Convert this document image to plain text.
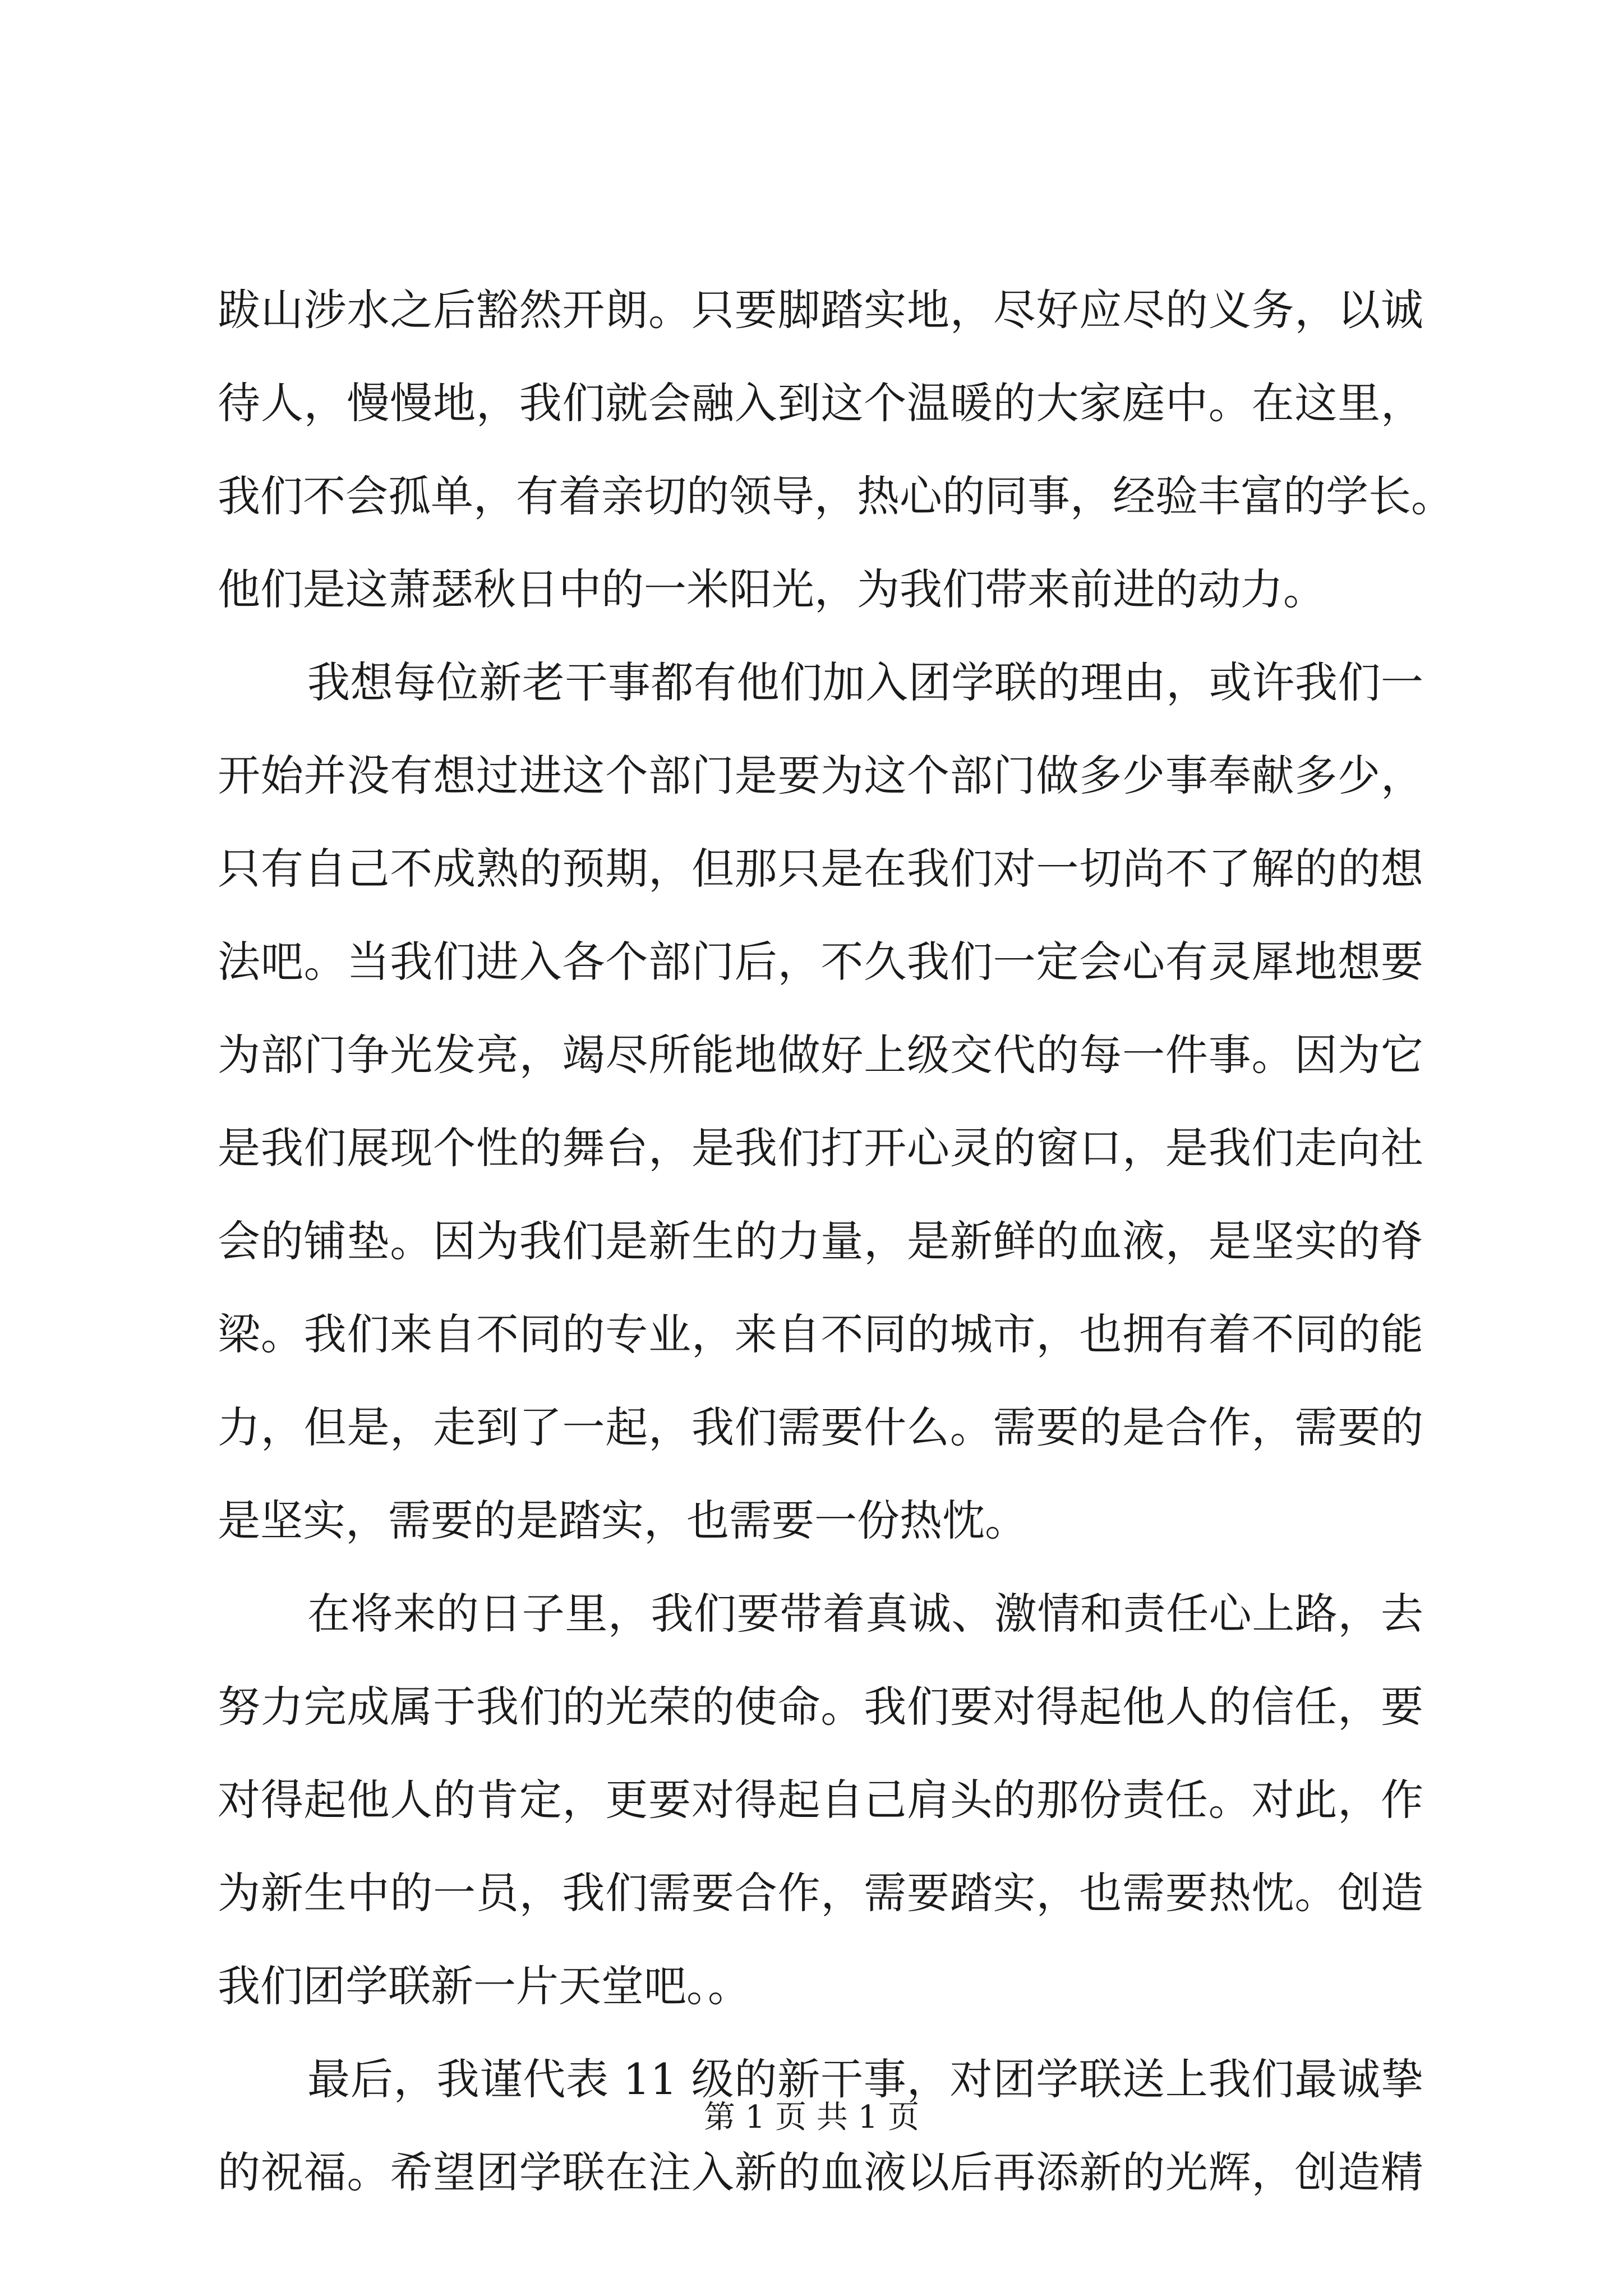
跋山涉水之后豁然开朗。只要脚踏实地，尽好应尽的义务，以诚
待人，慢慢地，我们就会融入到这个温暖的大家庭中。在这里，
我们不会孤单，有着亲切的领导，热心的同事，经验丰富的学长。
他们是这萧瑟秋日中的一米阳光，为我们带来前进的动力。
我想每位新老干事都有他们加入团学联的理由，或许我们一
开始并没有想过进这个部门是要为这个部门做多少事奉献多少，
只有自己不成熟的预期，但那只是在我们对一切尚不了解的的想
法吧。当我们进入各个部门后，不久我们一定会心有灵犀地想要
为部门争光发亮，竭尽所能地做好上级交代的每一件事。因为它
是我们展现个性的舞台，是我们打开心灵的窗口，是我们走向社
会的铺垫。因为我们是新生的力量，是新鲜的血液，是坚实的脊
梁。我们来自不同的专业，来自不同的城市，也拥有着不同的能
力，但是，走到了一起，我们需要什么。需要的是合作，需要的
是坚实，需要的是踏实，也需要一份热忱。
在将来的日子里，我们要带着真诚、激情和责任心上路，去
努力完成属于我们的光荣的使命。我们要对得起他人的信任，要
对得起他人的肯定，更要对得起自己肩头的那份责任。对此，作
为新生中的一员，我们需要合作，需要踏实，也需要热忱。创造
我们团学联新一片天堂吧。。
最后，我谨代表 11 级的新干事，对团学联送上我们最诚挚
的祝福。希望团学联在注入新的血液以后再添新的光辉，创造精
第 1 页 共 1 页
